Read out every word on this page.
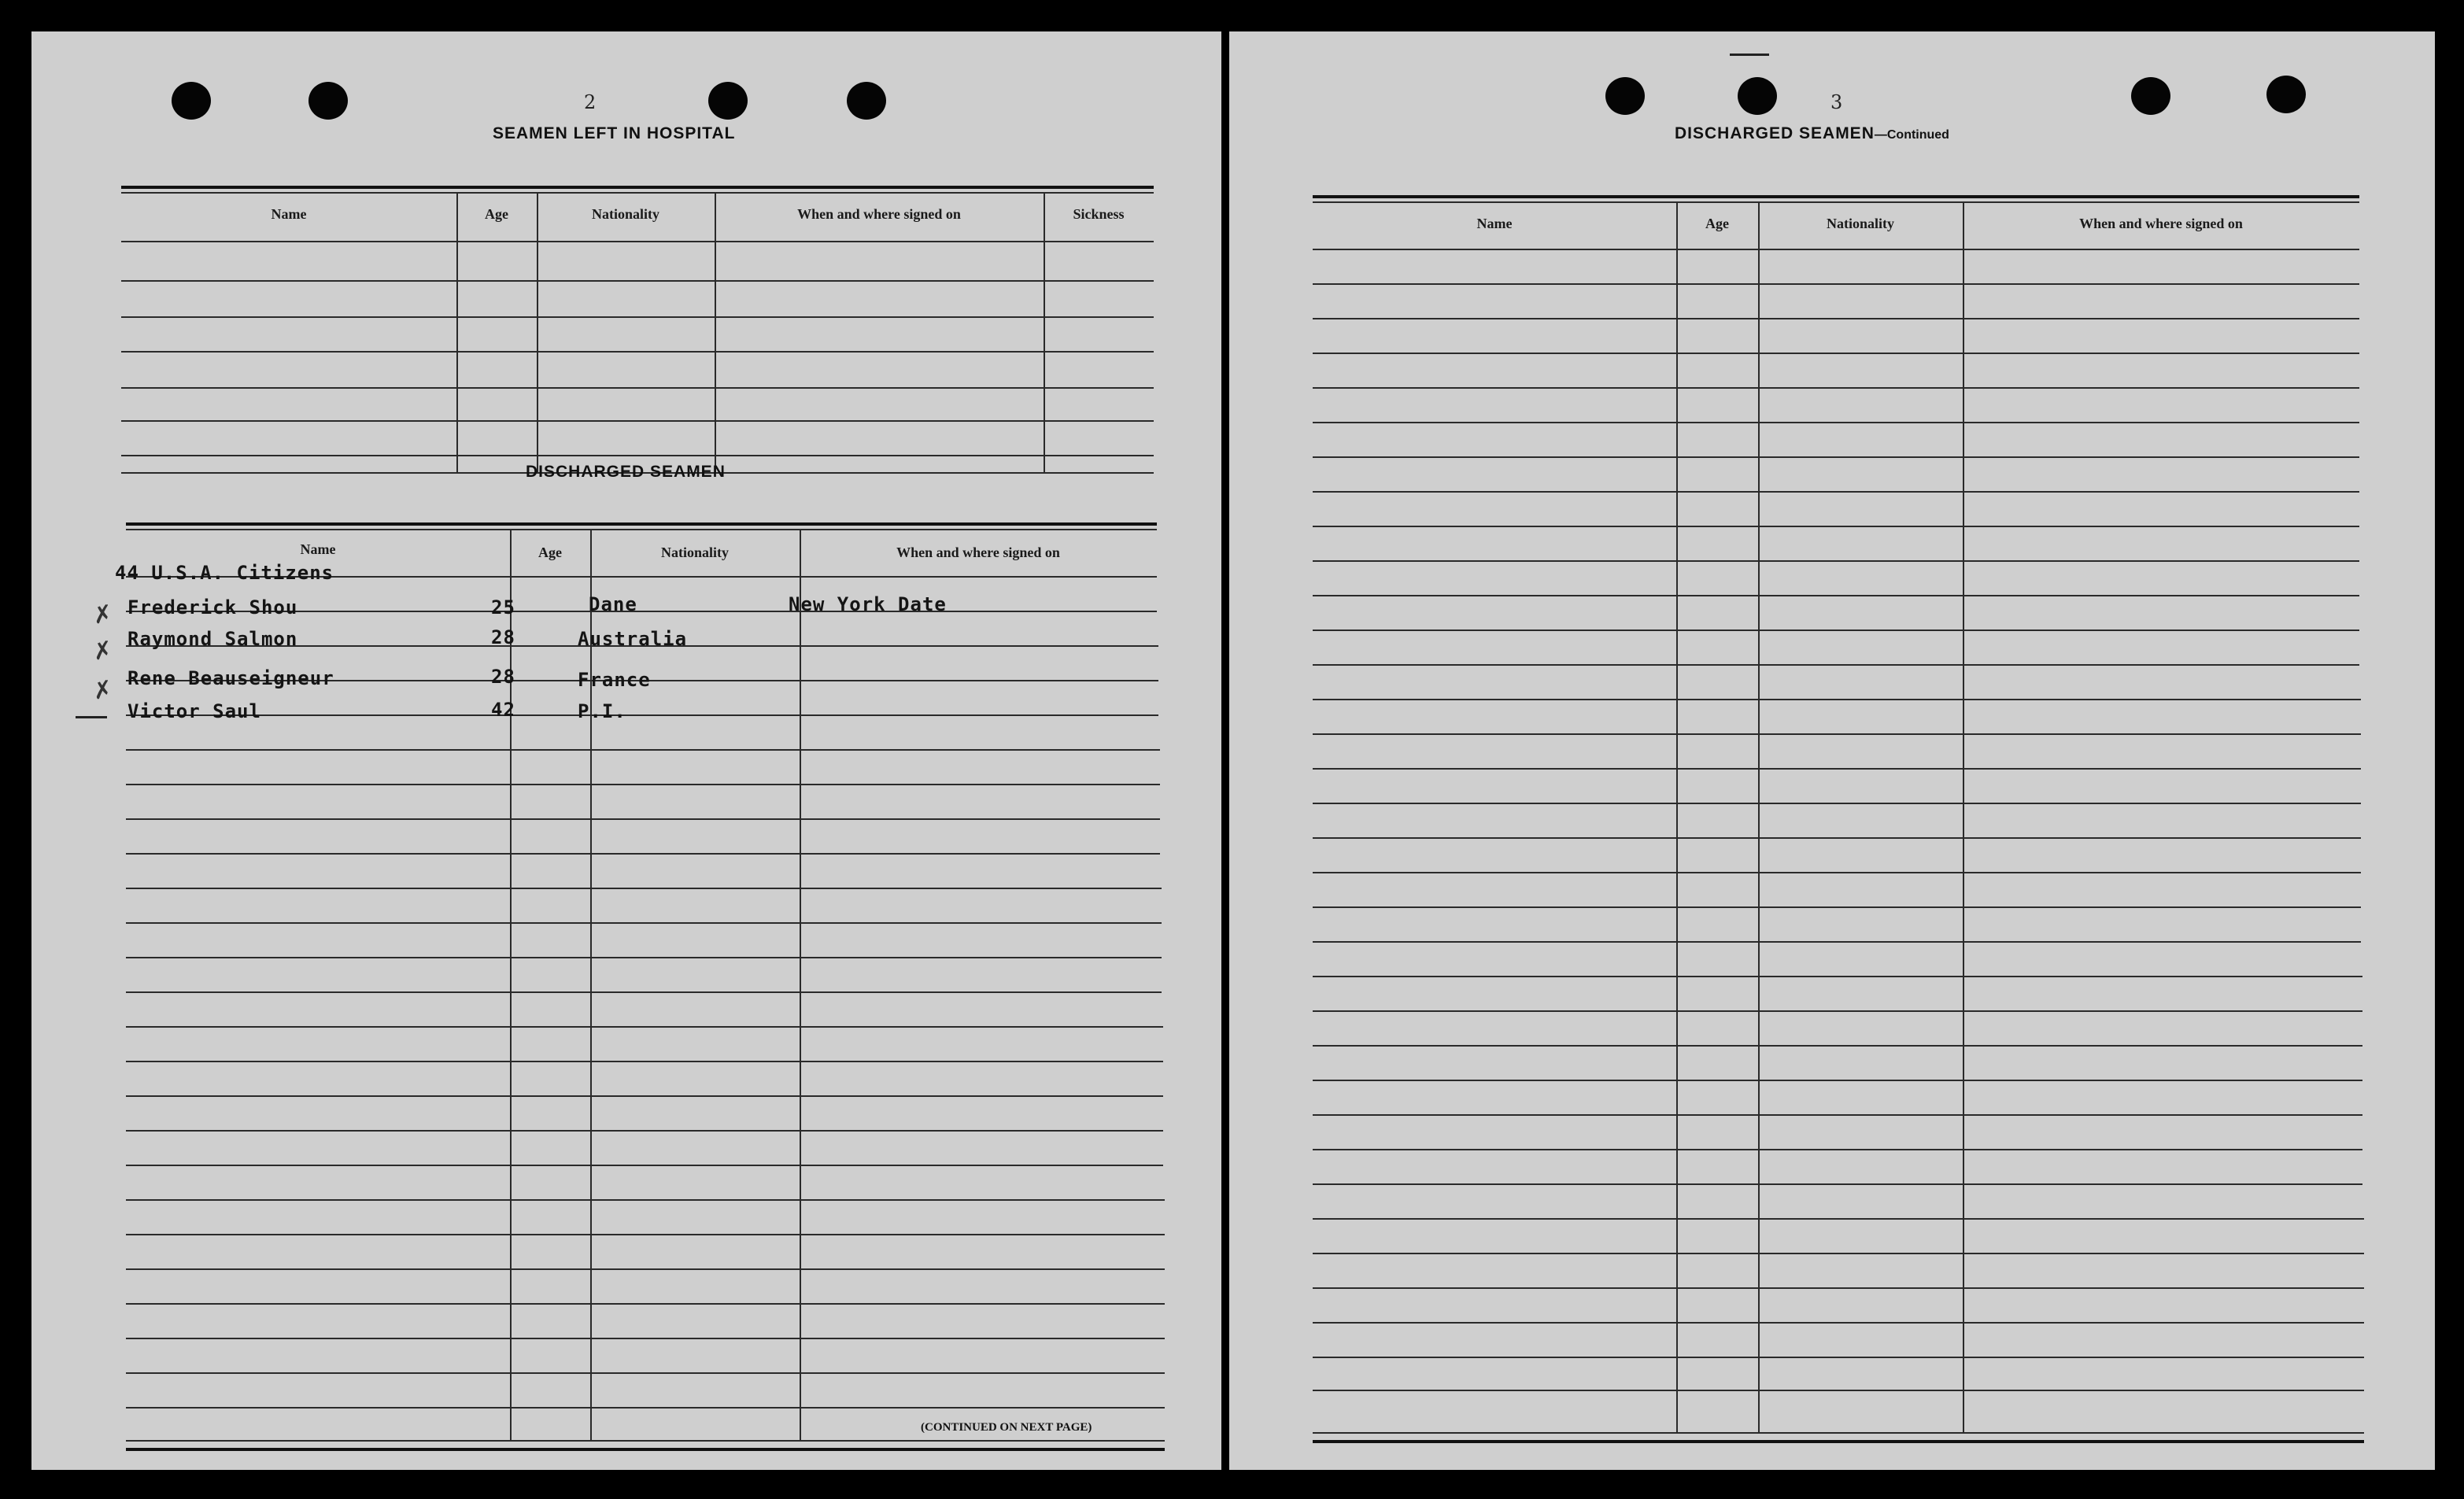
2
SEAMEN LEFT IN HOSPITAL
Name	Age	Nationality	When and where signed on	Sickness
DISCHARGED SEAMEN
Name	Age	Nationality	When and where signed on
44 U.S.A. Citizens
Frederick Shou	25	Dane	New York Date
Raymond Salmon	28	Australia
Rene Beauseigneur	28	France
Victor Saul	42	P.I.
✗
✗
✗
(CONTINUED ON NEXT PAGE)
3
DISCHARGED SEAMEN—Continued
Name	Age	Nationality	When and where signed on
